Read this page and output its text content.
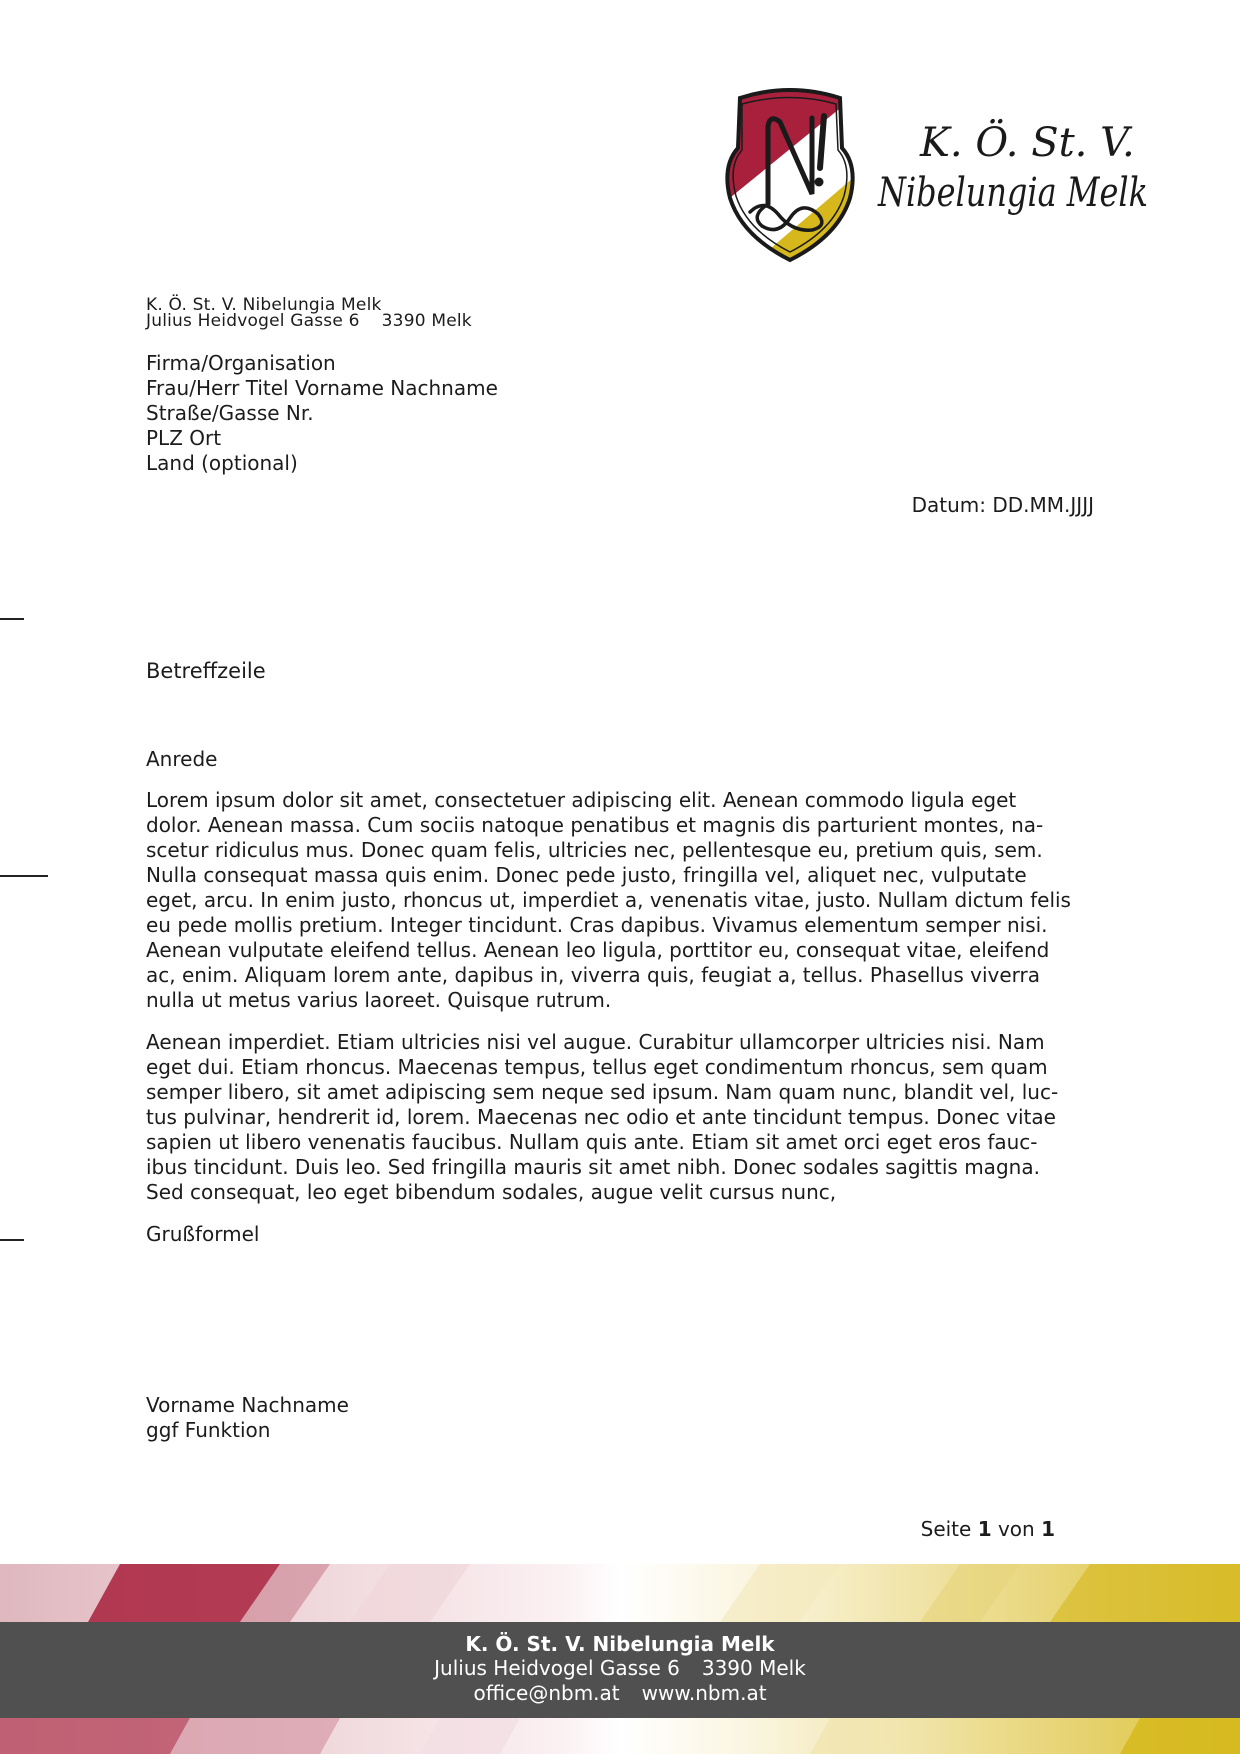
K. Ö. St. V.
Nibelungia Melk
K. Ö. St. V. Nibelungia Melk
Julius Heidvogel Gasse 6 3390 Melk
Firma/Organisation
Frau/Herr Titel Vorname Nachname
Straße/Gasse Nr.
PLZ Ort
Land (optional)
Datum: DD.MM.JJJJ
Betreffzeile
Anrede
Lorem ipsum dolor sit amet, consectetuer adipiscing elit. Aenean commodo ligula eget
dolor. Aenean massa. Cum sociis natoque penatibus et magnis dis parturient montes, na-
scetur ridiculus mus. Donec quam felis, ultricies nec, pellentesque eu, pretium quis, sem.
Nulla consequat massa quis enim. Donec pede justo, fringilla vel, aliquet nec, vulputate
eget, arcu. In enim justo, rhoncus ut, imperdiet a, venenatis vitae, justo. Nullam dictum felis
eu pede mollis pretium. Integer tincidunt. Cras dapibus. Vivamus elementum semper nisi.
Aenean vulputate eleifend tellus. Aenean leo ligula, porttitor eu, consequat vitae, eleifend
ac, enim. Aliquam lorem ante, dapibus in, viverra quis, feugiat a, tellus. Phasellus viverra
nulla ut metus varius laoreet. Quisque rutrum.
Aenean imperdiet. Etiam ultricies nisi vel augue. Curabitur ullamcorper ultricies nisi. Nam
eget dui. Etiam rhoncus. Maecenas tempus, tellus eget condimentum rhoncus, sem quam
semper libero, sit amet adipiscing sem neque sed ipsum. Nam quam nunc, blandit vel, luc-
tus pulvinar, hendrerit id, lorem. Maecenas nec odio et ante tincidunt tempus. Donec vitae
sapien ut libero venenatis faucibus. Nullam quis ante. Etiam sit amet orci eget eros fauc-
ibus tincidunt. Duis leo. Sed fringilla mauris sit amet nibh. Donec sodales sagittis magna.
Sed consequat, leo eget bibendum sodales, augue velit cursus nunc,
Grußformel
Vorname Nachname
ggf Funktion
Seite 1 von 1
K. Ö. St. V. Nibelungia Melk
Julius Heidvogel Gasse 6 3390 Melk
office@nbm.at www.nbm.at
